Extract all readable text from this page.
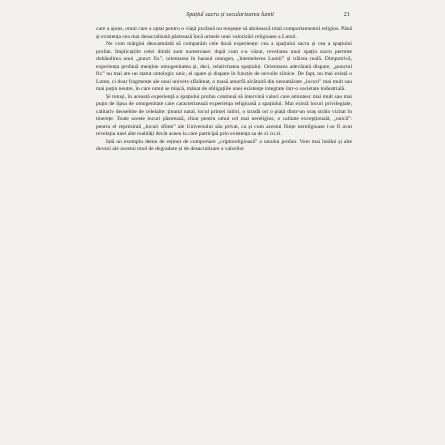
Spațiul sacru și secularizarea lumii	21

care a ajuns, omul care a optat pentru o viață profană nu reușește să abolească total comportamentul religios. Până și existența cea mai desacralizată păstrează încă urmele unei valorizări religioase a Lumii.

Ne vom mărgini deocamdată să comparăm cele două experiențe: cea a spațiului sacru și cea a spațiului profan. Implicațiile celei dintâi sunt numeroase: după cum s-a văzut, revelarea unui spațiu sacru permite dobândirea unui „punct fix”, orientarea în haosul omogen, „întemeierea Lumii” și trăirea reală. Dimpotrivă, experiența profană menține omogenitatea și, deci, relativitatea spațiului. Orientarea adevărată dispare, „punctul fix” nu mai are un statut ontologic unic, el apare și dispare în funcție de nevoile zilnice. De fapt, nu mai există o Lume, ci doar fragmente ale unui univers sfărâmat, o masă amorfă alcătuită din nenumărate „locuri” mai mult sau mai puțin neutre, în care omul se mișcă, mânat de obligațiile unei existențe integrate într-o societate industrială.

Și totuși, în această experiență a spațiului profan continuă să intervină valori care amintesc mai mult sau mai puțin de lipsa de omogenitate care caracterizează experiența religioasă a spațiului. Mai există locuri privilegiate, calitativ deosebite de celelalte: ținutul natal, locul primei iubiri, o stradă ori o piață dintr-un oraș străin vizitat în tinerețe. Toate aceste locuri păstrează, chiar pentru omul cel mai nereligios, o calitate excepțională, „unică”: pentru el reprezintă „locuri sfinte” ale Universului său privat, ca și cum acestui ființe nereligioase i-ar fi avut revelația unei alte realități decât aceea la care participă prin existența sa de zi cu zi.

Iată un exemplu demn de reținut de comportare „criptoreligioasă” a omului profan. Vom mai întâlni și alte dovezi ale acestui mod de degradare și de desacralizare a valorilor
